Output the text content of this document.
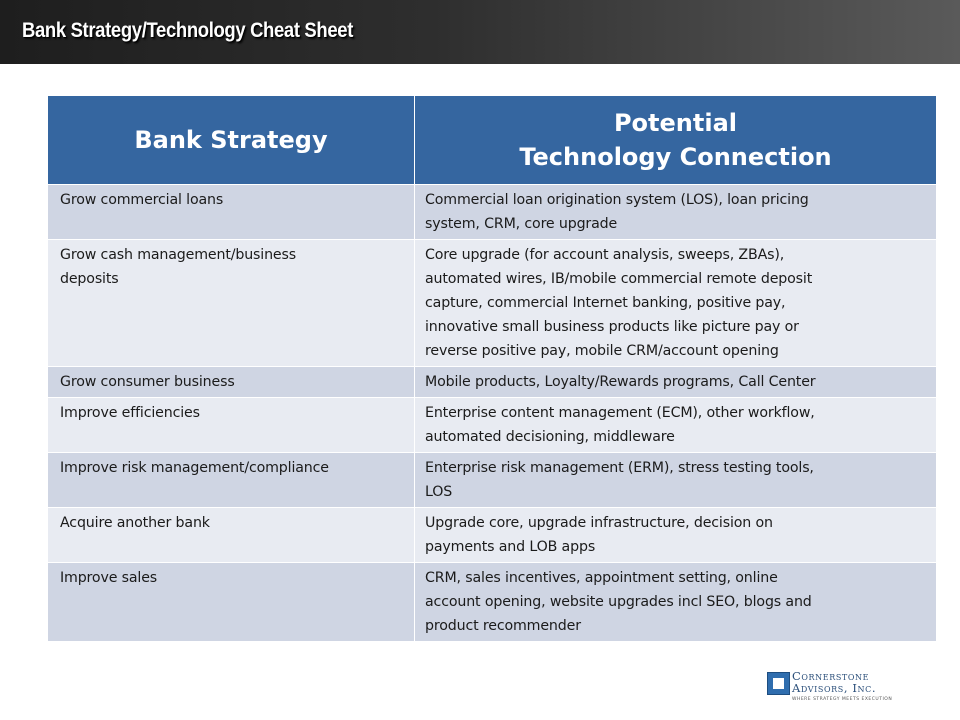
Bank Strategy/Technology Cheat Sheet
Bank Strategy	Potential
Technology Connection

Grow commercial loans	Commercial loan origination system (LOS), loan pricing
system, CRM, core upgrade

Grow cash management/business
deposits	Core upgrade (for account analysis, sweeps, ZBAs),
automated wires, IB/mobile commercial remote deposit
capture, commercial Internet banking, positive pay,
innovative small business products like picture pay or
reverse positive pay, mobile CRM/account opening

Grow consumer business	Mobile products, Loyalty/Rewards programs, Call Center

Improve efficiencies	Enterprise content management (ECM), other workflow,
automated decisioning, middleware

Improve risk management/compliance	Enterprise risk management (ERM), stress testing tools,
LOS

Acquire another bank	Upgrade core, upgrade infrastructure, decision on
payments and LOB apps

Improve sales	CRM, sales incentives, appointment setting, online
account opening, website upgrades incl SEO, blogs and
product recommender
Cornerstone
Advisors, Inc.
WHERE STRATEGY MEETS EXECUTION
